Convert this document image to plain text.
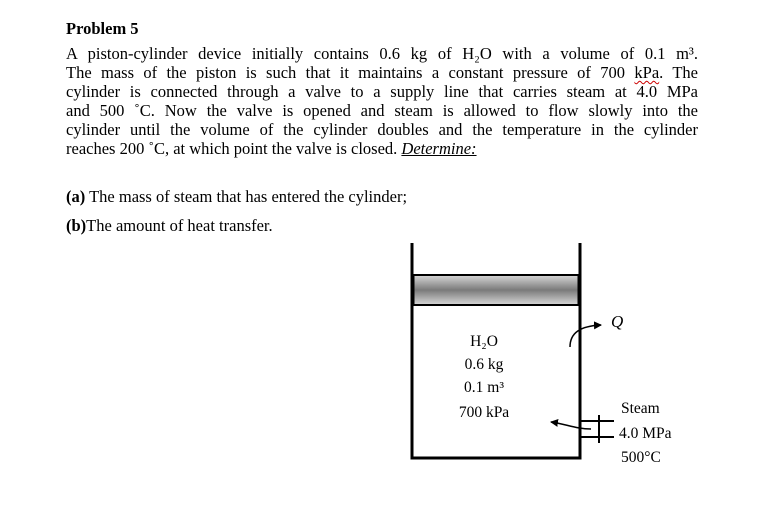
Problem 5
A piston-cylinder device initially contains 0.6 kg of H₂O with a volume of 0.1 m³.
The mass of the piston is such that it maintains a constant pressure of 700 kPa. The
cylinder is connected through a valve to a supply line that carries steam at 4.0 MPa
and 500 ˚C. Now the valve is opened and steam is allowed to flow slowly into the
cylinder until the volume of the cylinder doubles and the temperature in the cylinder
reaches 200 ˚C, at which point the valve is closed. Determine:
(a) The mass of steam that has entered the cylinder;
(b)The amount of heat transfer.
H₂O
0.6 kg
0.1 m³
700 kPa
Q
Steam
4.0 MPa
500°C
